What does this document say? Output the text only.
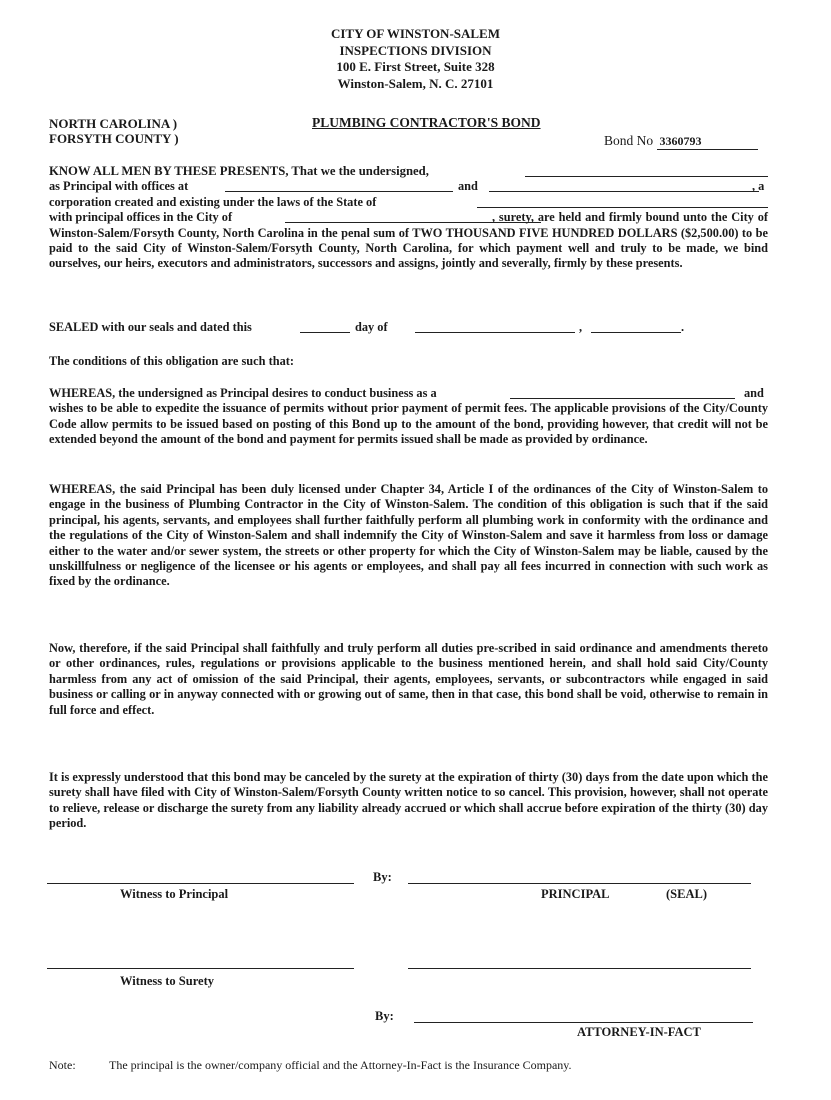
CITY OF WINSTON-SALEM
INSPECTIONS DIVISION
100 E. First Street, Suite 328
Winston-Salem, N. C. 27101
NORTH CAROLINA )
FORSYTH COUNTY )
PLUMBING CONTRACTOR'S BOND
Bond No 3360793
KNOW ALL MEN BY THESE PRESENTS, That we the undersigned,
as Principal with offices at	and	, a
corporation created and existing under the laws of the State of
with principal offices in the City of	, surety, are held and firmly bound unto the City of Winston-Salem/Forsyth County, North Carolina in the penal sum of TWO THOUSAND FIVE HUNDRED DOLLARS ($2,500.00) to be paid to the said City of Winston-Salem/Forsyth County, North Carolina, for which payment well and truly to be made, we bind ourselves, our heirs, executors and administrators, successors and assigns, jointly and severally, firmly by these presents.
SEALED with our seals and dated this	day of	,	.
The conditions of this obligation are such that:
WHEREAS, the undersigned as Principal desires to conduct business as a	and
wishes to be able to expedite the issuance of permits without prior payment of permit fees. The applicable provisions of the City/County Code allow permits to be issued based on posting of this Bond up to the amount of the bond, providing however, that credit will not be extended beyond the amount of the bond and payment for permits issued shall be made as provided by ordinance.
WHEREAS, the said Principal has been duly licensed under Chapter 34, Article I of the ordinances of the City of Winston-Salem to engage in the business of Plumbing Contractor in the City of Winston-Salem. The condition of this obligation is such that if the said principal, his agents, servants, and employees shall further faithfully perform all plumbing work in conformity with the ordinance and the regulations of the City of Winston-Salem and shall indemnify the City of Winston-Salem and save it harmless from loss or damage either to the water and/or sewer system, the streets or other property for which the City of Winston-Salem may be liable, caused by the unskillfulness or negligence of the licensee or his agents or employees, and shall pay all fees incurred in connection with such work as fixed by the ordinance.
Now, therefore, if the said Principal shall faithfully and truly perform all duties pre-scribed in said ordinance and amendments thereto or other ordinances, rules, regulations or provisions applicable to the business mentioned herein, and shall hold said City/County harmless from any act of omission of the said Principal, their agents, employees, servants, or subcontractors while engaged in said business or calling or in anyway connected with or growing out of same, then in that case, this bond shall be void, otherwise to remain in full force and effect.
It is expressly understood that this bond may be canceled by the surety at the expiration of thirty (30) days from the date upon which the surety shall have filed with City of Winston-Salem/Forsyth County written notice to so cancel. This provision, however, shall not operate to relieve, release or discharge the surety from any liability already accrued or which shall accrue before expiration of the thirty (30) day period.
By:
Witness to Principal	PRINCIPAL	(SEAL)
Witness to Surety
By:
ATTORNEY-IN-FACT
Note:	The principal is the owner/company official and the Attorney-In-Fact is the Insurance Company.
